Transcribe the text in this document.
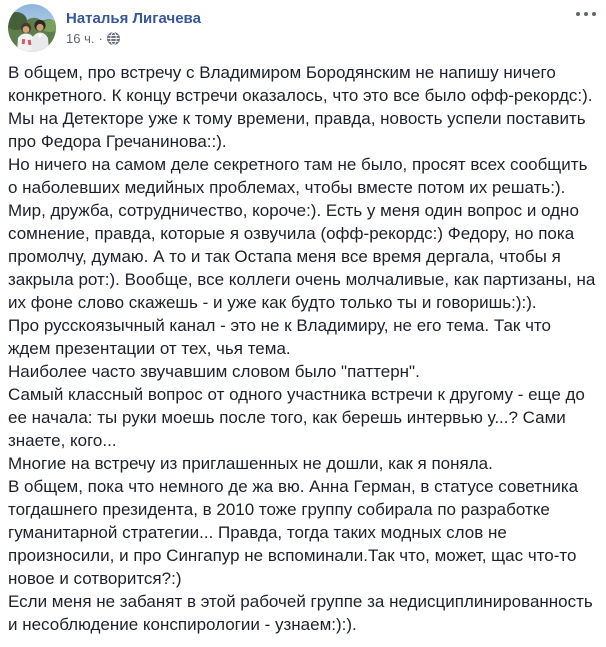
Наталья Лигачева
16 ч. ·

В общем, про встречу с Владимиром Бородянским не напишу ничего конкретного. К концу встречи оказалось, что это все было офф-рекордс:). Мы на Детекторе уже к тому времени, правда, новость успели поставить про Федора Гречанинова::).

Но ничего на самом деле секретного там не было, просят всех сообщить о наболевших медийных проблемах, чтобы вместе потом их решать:). Мир, дружба, сотрудничество, короче:). Есть у меня один вопрос и одно сомнение, правда, которые я озвучила (офф-рекордс:) Федору, но пока промолчу, думаю. А то и так Остапа меня все время дергала, чтобы я закрыла рот:). Вообще, все коллеги очень молчаливые, как партизаны, на их фоне слово скажешь - и уже как будто только ты и говоришь:):).

Про русскоязычный канал - это не к Владимиру, не его тема. Так что ждем презентации от тех, чья тема.

Наиболее часто звучавшим словом было "паттерн".

Самый классный вопрос от одного участника встречи к другому - еще до ее начала: ты руки моешь после того, как берешь интервью у...? Сами знаете, кого...

Многие на встречу из приглашенных не дошли, как я поняла.

В общем, пока что немного де жа вю. Анна Герман, в статусе советника тогдашнего президента, в 2010 тоже группу собирала по разработке гуманитарной стратегии... Правда, тогда таких модных слов не произносили, и про Сингапур не вспоминали.Так что, может, щас что-то новое и сотворится?:)

Если меня не забанят в этой рабочей группе за недисциплинированность и несоблюдение конспирологии - узнаем:):).
